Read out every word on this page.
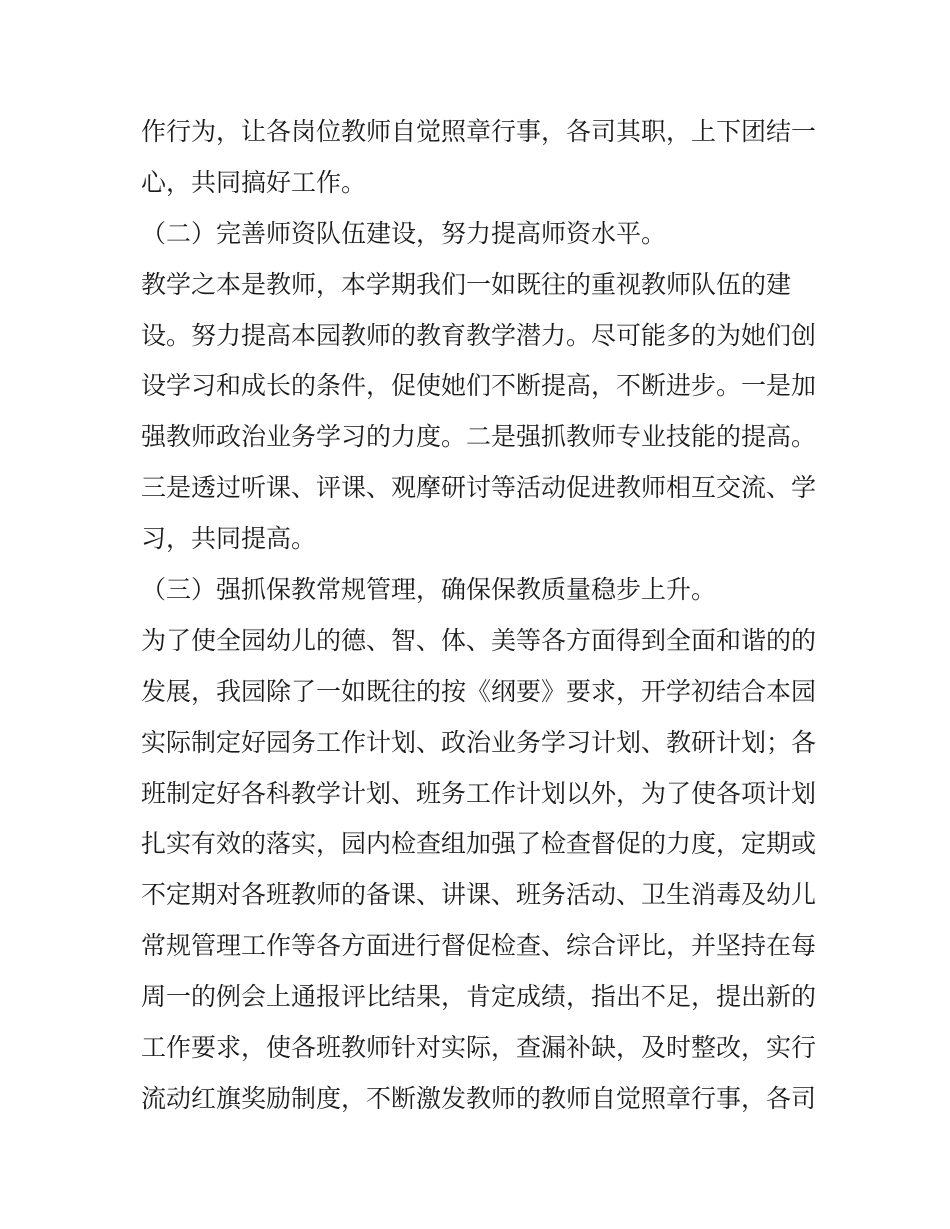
作行为，让各岗位教师自觉照章行事，各司其职，上下团结一
心，共同搞好工作。
（二）完善师资队伍建设，努力提高师资水平。
教学之本是教师，本学期我们一如既往的重视教师队伍的建
设。努力提高本园教师的教育教学潜力。尽可能多的为她们创
设学习和成长的条件，促使她们不断提高，不断进步。一是加
强教师政治业务学习的力度。二是强抓教师专业技能的提高。
三是透过听课、评课、观摩研讨等活动促进教师相互交流、学
习，共同提高。
（三）强抓保教常规管理，确保保教质量稳步上升。
为了使全园幼儿的德、智、体、美等各方面得到全面和谐的的
发展，我园除了一如既往的按《纲要》要求，开学初结合本园
实际制定好园务工作计划、政治业务学习计划、教研计划；各
班制定好各科教学计划、班务工作计划以外，为了使各项计划
扎实有效的落实，园内检查组加强了检查督促的力度，定期或
不定期对各班教师的备课、讲课、班务活动、卫生消毒及幼儿
常规管理工作等各方面进行督促检查、综合评比，并坚持在每
周一的例会上通报评比结果，肯定成绩，指出不足，提出新的
工作要求，使各班教师针对实际，查漏补缺，及时整改，实行
流动红旗奖励制度，不断激发教师的教师自觉照章行事，各司
